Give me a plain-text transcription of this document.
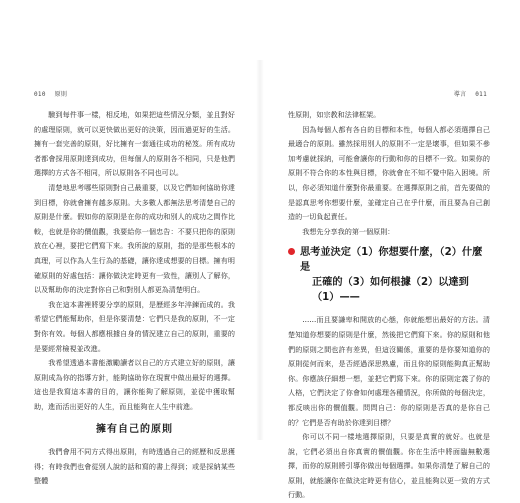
010 原則

驗到每件事一樣，相反地，如果把這些情況分類，並且對好的處理原則，就可以更快做出更好的決策，因而過更好的生活。擁有一套完善的原則，好比擁有一套通往成功的秘笈。所有成功者都會採用原則達到成功，但每個人的原則各不相同，只是他們選擇的方式各不相同，所以原則各不同也可以。

清楚地思考哪些原則對自己最重要，以及它們如何協助你達到目標，你就會擁有越多原則。大多數人都無法思考清楚自己的原則是什麼。假如你的原則是在你的成功和別人的成功之間作比較，也就是你的價值觀，我要給你一個忠告：不要只把你的原則放在心裡，要把它們寫下來。我所說的原則，指的是那些根本的真理，可以作為人生行為的基礎，讓你達成想要的目標。擁有明確原則的好處包括：讓你做決定時更有一致性，讓別人了解你，以及幫助你的決定對你自己和對別人都更為清楚明白。

我在這本書裡將要分享的原則，是歷經多年淬鍊而成的。我希望它們能幫助你，但是你要清楚：它們只是我的原則，不一定對你有效。每個人都應根據自身的情況建立自己的原則，重要的是要經常檢視並改進。

我希望透過本書能激勵讀者以自己的方式建立好的原則，讓原則成為你的指導方針，能夠協助你在現實中做出最好的選擇。這也是我寫這本書的目的，讓你能夠了解原則，並從中獲取幫助，進而活出更好的人生，而且能夠在人生中前進。

擁有自己的原則

我們會用不同方式得出原則，有時透過自己的經歷和反思獲得；有時我們也會從別人說的話和寫的書上得到；或是採納某些整體

導言 011

性原則，如宗教和法律框架。

因為每個人都有各自的目標和本性，每個人都必須選擇自己最適合的原則。雖然採用別人的原則不一定是壞事，但如果不參加考慮就採納，可能會讓你的行動和你的目標不一致。如果你的原則不符合你的本性與目標，你就會在不知不覺中陷入困境。所以，你必須知道什麼對你最重要。在選擇原則之前，首先要做的是認真思考你想要什麼，並確定自己在乎什麼，而且要為自己創造的一切負起責任。

我想先分享我的第一個原則：

思考並決定（1）你想要什麼，（2）什麼是
正確的（3）如何根據（2）以達到（1）——

……而且要謙卑和開放的心態，你就能想出最好的方法。清楚知道你想要的原則是什麼，然後把它們寫下來。你的原則和他們的原則之間也許有差異，但這沒關係，重要的是你要知道你的原則從何而來，是否經過深思熟慮，而且你的原則能夠真正幫助你。你應該仔細想一想，並把它們寫下來。你的原則定義了你的人格，它們決定了你會如何處理各種情況，你所做的每個決定，都反映出你的價值觀。問問自己：你的原則是否真的是你自己的？它們是否有助於你達到目標？

你可以不同一樣地選擇原則，只要是真實的就好。也就是說，它們必須出自你真實的價值觀。你在生活中將面臨無數選擇，而你的原則將引導你做出每個選擇。如果你清楚了解自己的原則，就能讓你在做決定時更有信心，並且能夠以更一致的方式行動。
